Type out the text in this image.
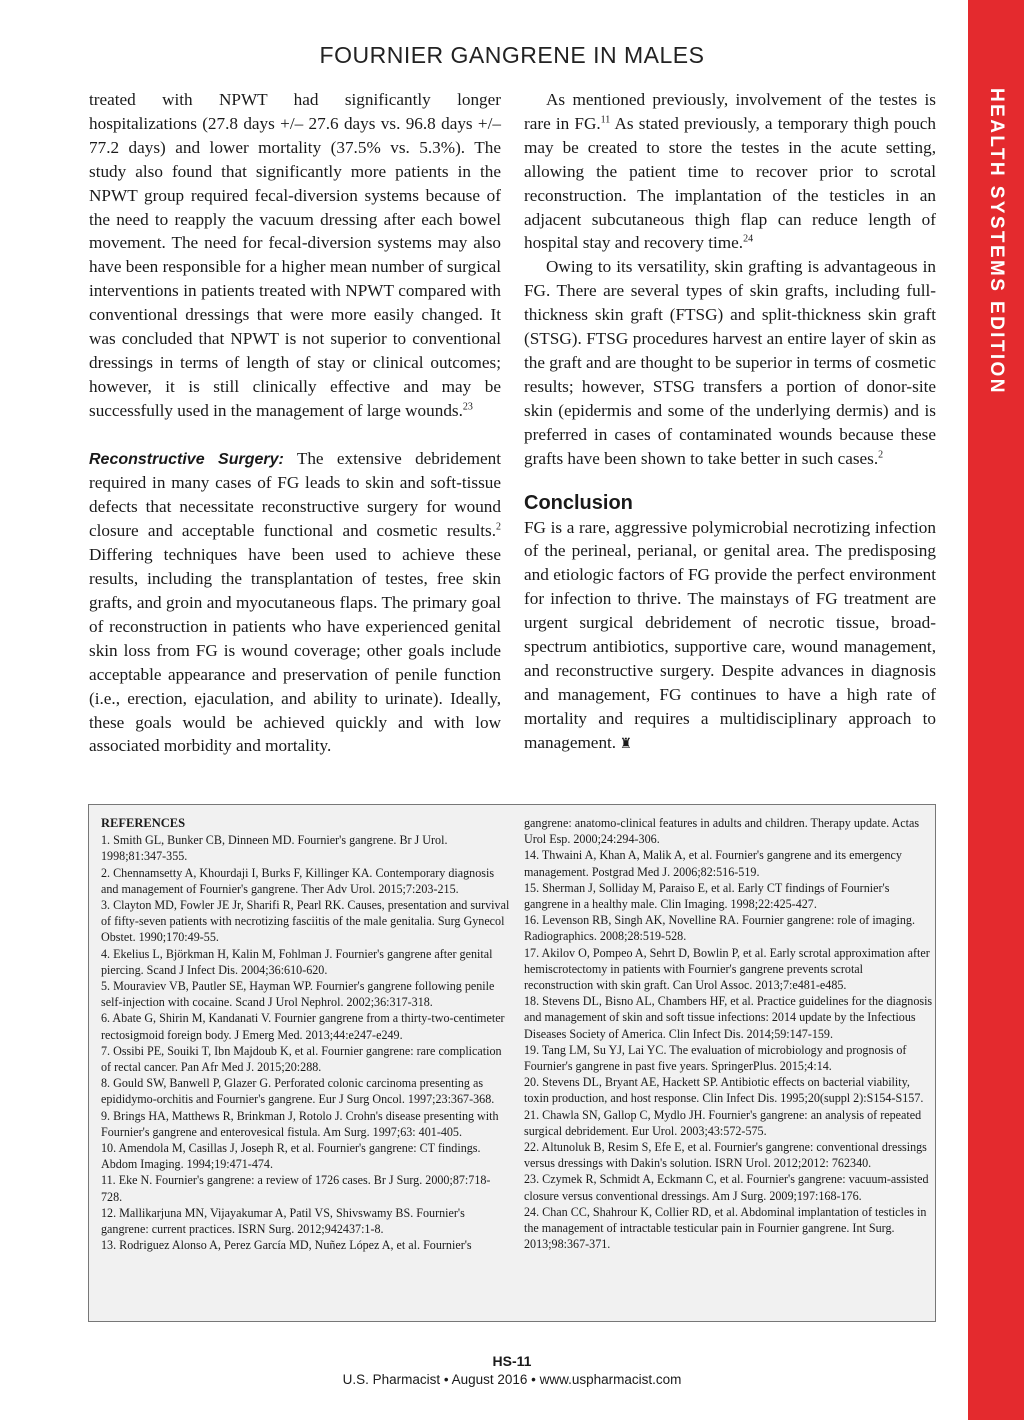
FOURNIER GANGRENE IN MALES
HEALTH SYSTEMS EDITION

treated with NPWT had significantly longer hospitalizations (27.8 days +/– 27.6 days vs. 96.8 days +/– 77.2 days) and lower mortality (37.5% vs. 5.3%). The study also found that significantly more patients in the NPWT group required fecal-diversion systems because of the need to reapply the vacuum dressing after each bowel movement. The need for fecal-diversion systems may also have been responsible for a higher mean number of surgical interventions in patients treated with NPWT compared with conventional dressings that were more easily changed. It was concluded that NPWT is not superior to conventional dressings in terms of length of stay or clinical outcomes; however, it is still clinically effective and may be successfully used in the management of large wounds.$^{23}$

Reconstructive Surgery: The extensive debridement required in many cases of FG leads to skin and soft-tissue defects that necessitate reconstructive surgery for wound closure and acceptable functional and cosmetic results.$^2$ Differing techniques have been used to achieve these results, including the transplantation of testes, free skin grafts, and groin and myocutaneous flaps. The primary goal of reconstruction in patients who have experienced genital skin loss from FG is wound coverage; other goals include acceptable appearance and preservation of penile function (i.e., erection, ejaculation, and ability to urinate). Ideally, these goals would be achieved quickly and with low associated morbidity and mortality.

As mentioned previously, involvement of the testes is rare in FG.$^{11}$ As stated previously, a temporary thigh pouch may be created to store the testes in the acute setting, allowing the patient time to recover prior to scrotal reconstruction. The implantation of the testicles in an adjacent subcutaneous thigh flap can reduce length of hospital stay and recovery time.$^{24}$

Owing to its versatility, skin grafting is advantageous in FG. There are several types of skin grafts, including full-thickness skin graft (FTSG) and split-thickness skin graft (STSG). FTSG procedures harvest an entire layer of skin as the graft and are thought to be superior in terms of cosmetic results; however, STSG transfers a portion of donor-site skin (epidermis and some of the underlying dermis) and is preferred in cases of contaminated wounds because these grafts have been shown to take better in such cases.$^2$

Conclusion

FG is a rare, aggressive polymicrobial necrotizing infection of the perineal, perianal, or genital area. The predisposing and etiologic factors of FG provide the perfect environment for infection to thrive. The mainstays of FG treatment are urgent surgical debridement of necrotic tissue, broad-spectrum antibiotics, supportive care, wound management, and reconstructive surgery. Despite advances in diagnosis and management, FG continues to have a high rate of mortality and requires a multidisciplinary approach to management. ♜

REFERENCES

1. Smith GL, Bunker CB, Dinneen MD. Fournier's gangrene. Br J Urol. 1998;81:347-355.

2. Chennamsetty A, Khourdaji I, Burks F, Killinger KA. Contemporary diagnosis and management of Fournier's gangrene. Ther Adv Urol. 2015;7:203-215.

3. Clayton MD, Fowler JE Jr, Sharifi R, Pearl RK. Causes, presentation and survival of fifty-seven patients with necrotizing fasciitis of the male genitalia. Surg Gynecol Obstet. 1990;170:49-55.

4. Ekelius L, Björkman H, Kalin M, Fohlman J. Fournier's gangrene after genital piercing. Scand J Infect Dis. 2004;36:610-620.

5. Mouraviev VB, Pautler SE, Hayman WP. Fournier's gangrene following penile self-injection with cocaine. Scand J Urol Nephrol. 2002;36:317-318.

6. Abate G, Shirin M, Kandanati V. Fournier gangrene from a thirty-two-centimeter rectosigmoid foreign body. J Emerg Med. 2013;44:e247-e249.

7. Ossibi PE, Souiki T, Ibn Majdoub K, et al. Fournier gangrene: rare complication of rectal cancer. Pan Afr Med J. 2015;20:288.

8. Gould SW, Banwell P, Glazer G. Perforated colonic carcinoma presenting as epididymo-orchitis and Fournier's gangrene. Eur J Surg Oncol. 1997;23:367-368.

9. Brings HA, Matthews R, Brinkman J, Rotolo J. Crohn's disease presenting with Fournier's gangrene and enterovesical fistula. Am Surg. 1997;63: 401-405.

10. Amendola M, Casillas J, Joseph R, et al. Fournier's gangrene: CT findings. Abdom Imaging. 1994;19:471-474.

11. Eke N. Fournier's gangrene: a review of 1726 cases. Br J Surg. 2000;87:718-728.

12. Mallikarjuna MN, Vijayakumar A, Patil VS, Shivswamy BS. Fournier's gangrene: current practices. ISRN Surg. 2012;942437:1-8.

13. Rodriguez Alonso A, Perez García MD, Nuñez López A, et al. Fournier's

gangrene: anatomo-clinical features in adults and children. Therapy update. Actas Urol Esp. 2000;24:294-306.

14. Thwaini A, Khan A, Malik A, et al. Fournier's gangrene and its emergency management. Postgrad Med J. 2006;82:516-519.

15. Sherman J, Solliday M, Paraiso E, et al. Early CT findings of Fournier's gangrene in a healthy male. Clin Imaging. 1998;22:425-427.

16. Levenson RB, Singh AK, Novelline RA. Fournier gangrene: role of imaging. Radiographics. 2008;28:519-528.

17. Akilov O, Pompeo A, Sehrt D, Bowlin P, et al. Early scrotal approximation after hemiscrotectomy in patients with Fournier's gangrene prevents scrotal reconstruction with skin graft. Can Urol Assoc. 2013;7:e481-e485.

18. Stevens DL, Bisno AL, Chambers HF, et al. Practice guidelines for the diagnosis and management of skin and soft tissue infections: 2014 update by the Infectious Diseases Society of America. Clin Infect Dis. 2014;59:147-159.

19. Tang LM, Su YJ, Lai YC. The evaluation of microbiology and prognosis of Fournier's gangrene in past five years. SpringerPlus. 2015;4:14.

20. Stevens DL, Bryant AE, Hackett SP. Antibiotic effects on bacterial viability, toxin production, and host response. Clin Infect Dis. 1995;20(suppl 2):S154-S157.

21. Chawla SN, Gallop C, Mydlo JH. Fournier's gangrene: an analysis of repeated surgical debridement. Eur Urol. 2003;43:572-575.

22. Altunoluk B, Resim S, Efe E, et al. Fournier's gangrene: conventional dressings versus dressings with Dakin's solution. ISRN Urol. 2012;2012: 762340.

23. Czymek R, Schmidt A, Eckmann C, et al. Fournier's gangrene: vacuum-assisted closure versus conventional dressings. Am J Surg. 2009;197:168-176.

24. Chan CC, Shahrour K, Collier RD, et al. Abdominal implantation of testicles in the management of intractable testicular pain in Fournier gangrene. Int Surg. 2013;98:367-371.

HS-11
U.S. Pharmacist • August 2016 • www.uspharmacist.com
